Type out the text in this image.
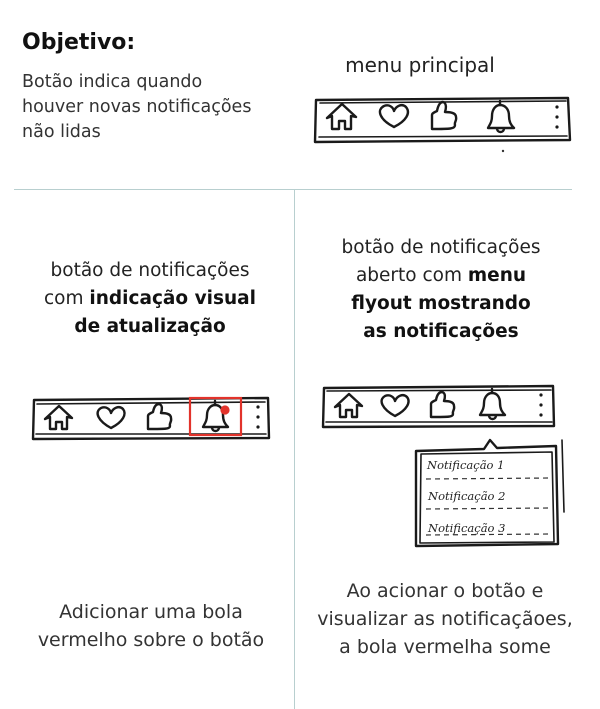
Objetivo:
Botão indica quando
houver novas notificações
não lidas
menu principal
botão de notificações
com indicação visual
de atualização
Adicionar uma bola
vermelho sobre o botão
botão de notificações
aberto com menu
flyout mostrando
as notificações
Notificação 1
Notificação 2
Notificação 3
Ao acionar o botão e
visualizar as notificaçãoes,
a bola vermelha some
